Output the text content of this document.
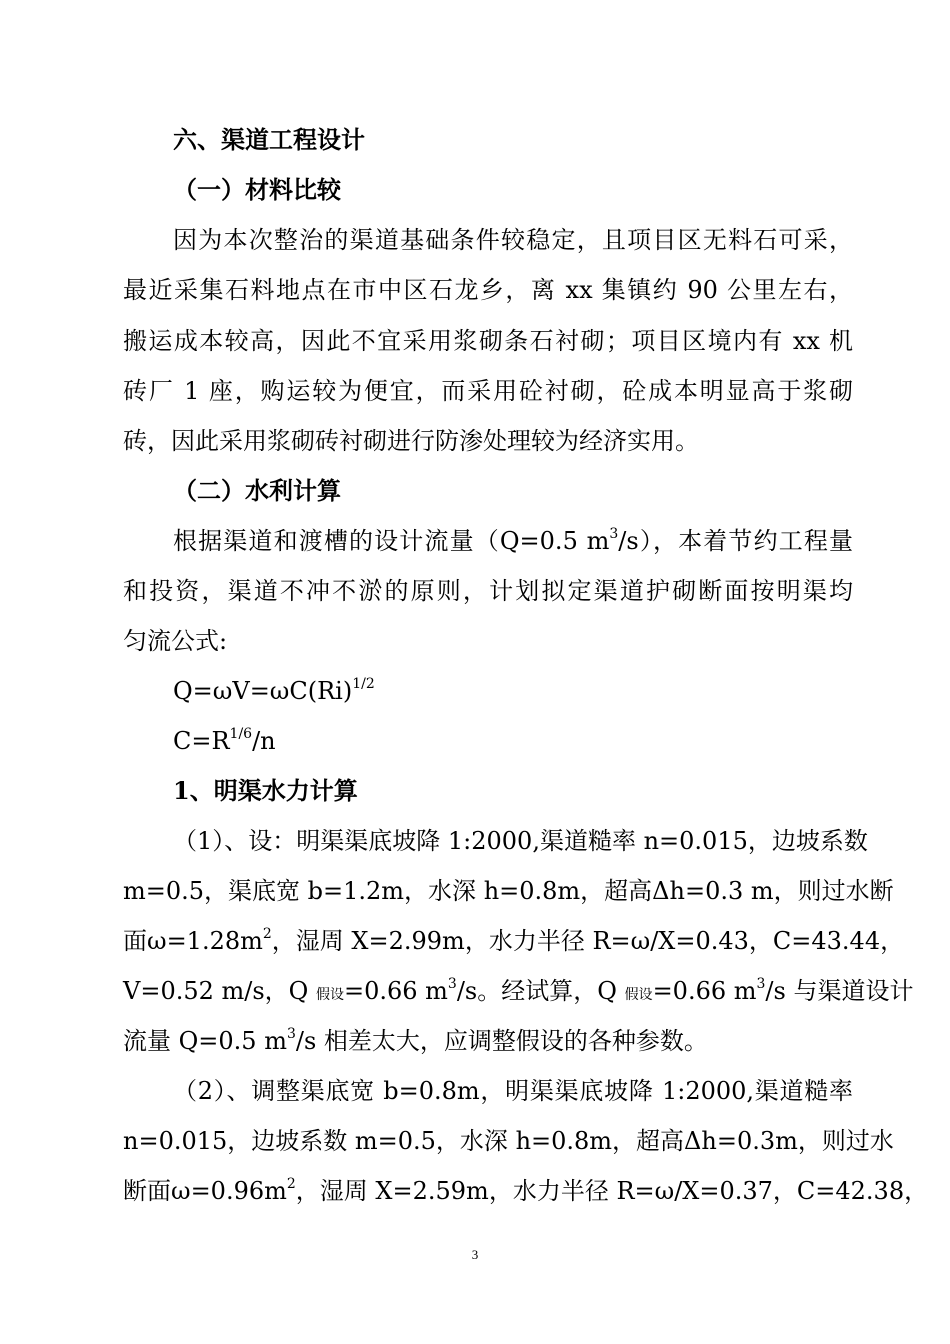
六、渠道工程设计
（一）材料比较
因为本次整治的渠道基础条件较稳定，且项目区无料石可采，
最近采集石料地点在市中区石龙乡，离 xx 集镇约 90 公里左右，
搬运成本较高，因此不宜采用浆砌条石衬砌；项目区境内有 xx 机
砖厂 1 座，购运较为便宜，而采用砼衬砌，砼成本明显高于浆砌
砖，因此采用浆砌砖衬砌进行防渗处理较为经济实用。
（二）水利计算
根据渠道和渡槽的设计流量（Q=0.5 $m^3/s$），本着节约工程量
和投资，渠道不冲不淤的原则，计划拟定渠道护砌断面按明渠均
匀流公式:
$Q=\omega V=\omega C(Ri)^{1/2}$
$C=R^{1/6}/n$
1、明渠水力计算
（1）、设：明渠渠底坡降 1:2000,渠道糙率 n=0.015，边坡系数
m=0.5，渠底宽 b=1.2m，水深 h=0.8m，超高Δh=0.3 m，则过水断
面$\omega=1.28m^2$，湿周 X=2.99m，水力半径 R=ω/X=0.43，C=43.44，
V=0.52 m/s，Q 假设=0.66 $m^3/s$。经试算，Q 假设=0.66 $m^3/s$ 与渠道设计
流量 Q=0.5 $m^3/s$ 相差太大，应调整假设的各种参数。
（2）、调整渠底宽 b=0.8m，明渠渠底坡降 1:2000,渠道糙率
n=0.015，边坡系数 m=0.5，水深 h=0.8m，超高Δh=0.3m，则过水
断面$\omega=0.96m^2$，湿周 X=2.59m，水力半径 R=ω/X=0.37，C=42.38，
3
